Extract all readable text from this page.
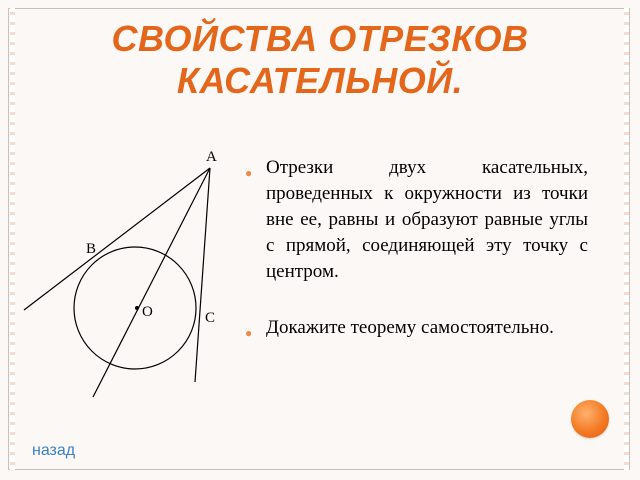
СВОЙСТВА ОТРЕЗКОВ КАСАТЕЛЬНОЙ.
A
B
C
O
● Отрезки двух касательных, проведенных к окружности из точки вне ее, равны и образуют равные углы с прямой, соединяющей эту точку с центром.
● Докажите теорему самостоятельно.
назад
